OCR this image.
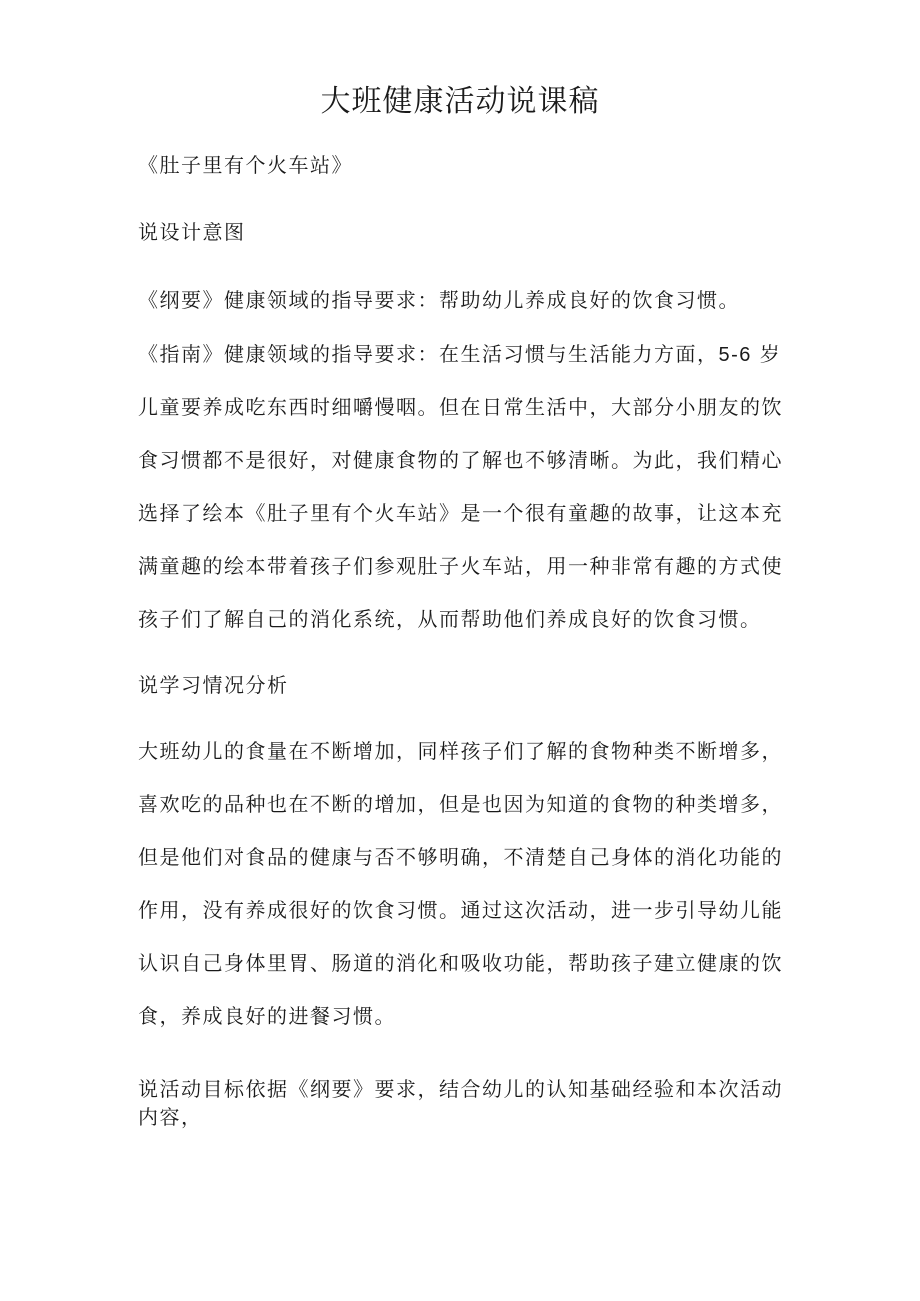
大班健康活动说课稿
《肚子里有个火车站》
说设计意图
《纲要》健康领域的指导要求：帮助幼儿养成良好的饮食习惯。
《指南》健康领域的指导要求：在生活习惯与生活能力方面，5-6 岁
儿童要养成吃东西时细嚼慢咽。但在日常生活中，大部分小朋友的饮
食习惯都不是很好，对健康食物的了解也不够清晰。为此，我们精心
选择了绘本《肚子里有个火车站》是一个很有童趣的故事，让这本充
满童趣的绘本带着孩子们参观肚子火车站，用一种非常有趣的方式使
孩子们了解自己的消化系统，从而帮助他们养成良好的饮食习惯。
说学习情况分析
大班幼儿的食量在不断增加，同样孩子们了解的食物种类不断增多，
喜欢吃的品种也在不断的增加，但是也因为知道的食物的种类增多，
但是他们对食品的健康与否不够明确，不清楚自己身体的消化功能的
作用，没有养成很好的饮食习惯。通过这次活动，进一步引导幼儿能
认识自己身体里胃、肠道的消化和吸收功能，帮助孩子建立健康的饮
食，养成良好的进餐习惯。
说活动目标依据《纲要》要求，结合幼儿的认知基础经验和本次活动
内容，
